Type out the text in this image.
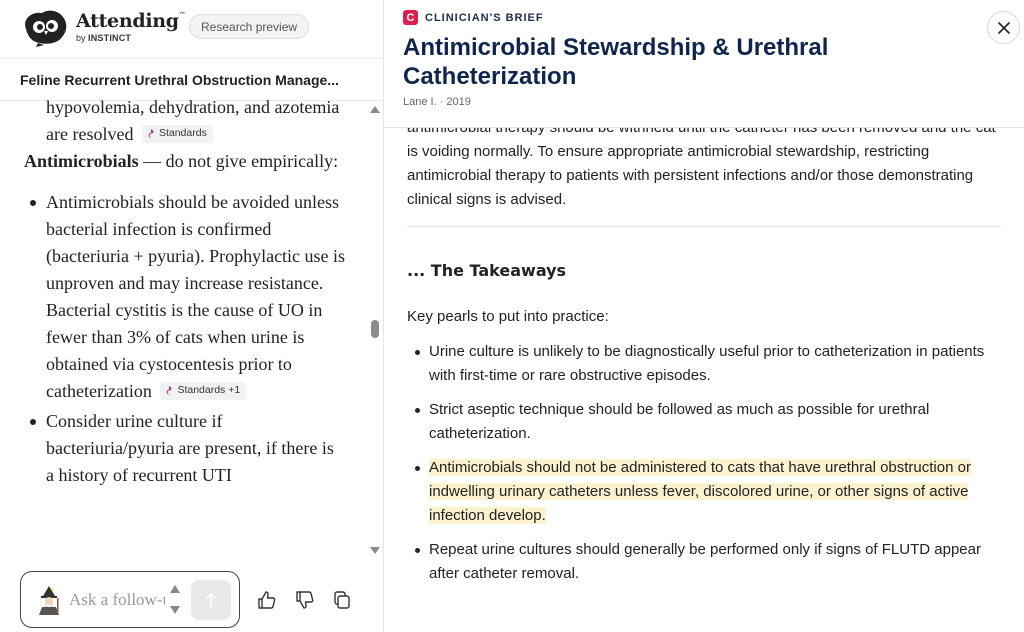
Attending™
by INSTINCT
Research preview
Feline Recurrent Urethral Obstruction Manage...

hypovolemia, dehydration, and azotemia are resolved Standards

Antimicrobials — do not give empirically:

Antimicrobials should be avoided unless bacterial infection is confirmed (bacteriuria + pyuria). Prophylactic use is unproven and may increase resistance. Bacterial cystitis is the cause of UO in fewer than 3% of cats when urine is obtained via cystocentesis prior to catheterization Standards +1
Consider urine culture if bacteriuria/pyuria are present, if there is a history of recurrent UTI
Ask a follow-up...
C CLINICIAN'S BRIEF
Antimicrobial Stewardship & Urethral Catheterization
Lane I. · 2019

is voiding normally. To ensure appropriate antimicrobial stewardship, restricting antimicrobial therapy to patients with persistent infections and/or those demonstrating clinical signs is advised.

... The Takeaways

Key pearls to put into practice:

Urine culture is unlikely to be diagnostically useful prior to catheterization in patients with first-time or rare obstructive episodes.
Strict aseptic technique should be followed as much as possible for urethral catheterization.
Antimicrobials should not be administered to cats that have urethral obstruction or indwelling urinary catheters unless fever, discolored urine, or other signs of active infection develop.
Repeat urine cultures should generally be performed only if signs of FLUTD appear after catheter removal.
